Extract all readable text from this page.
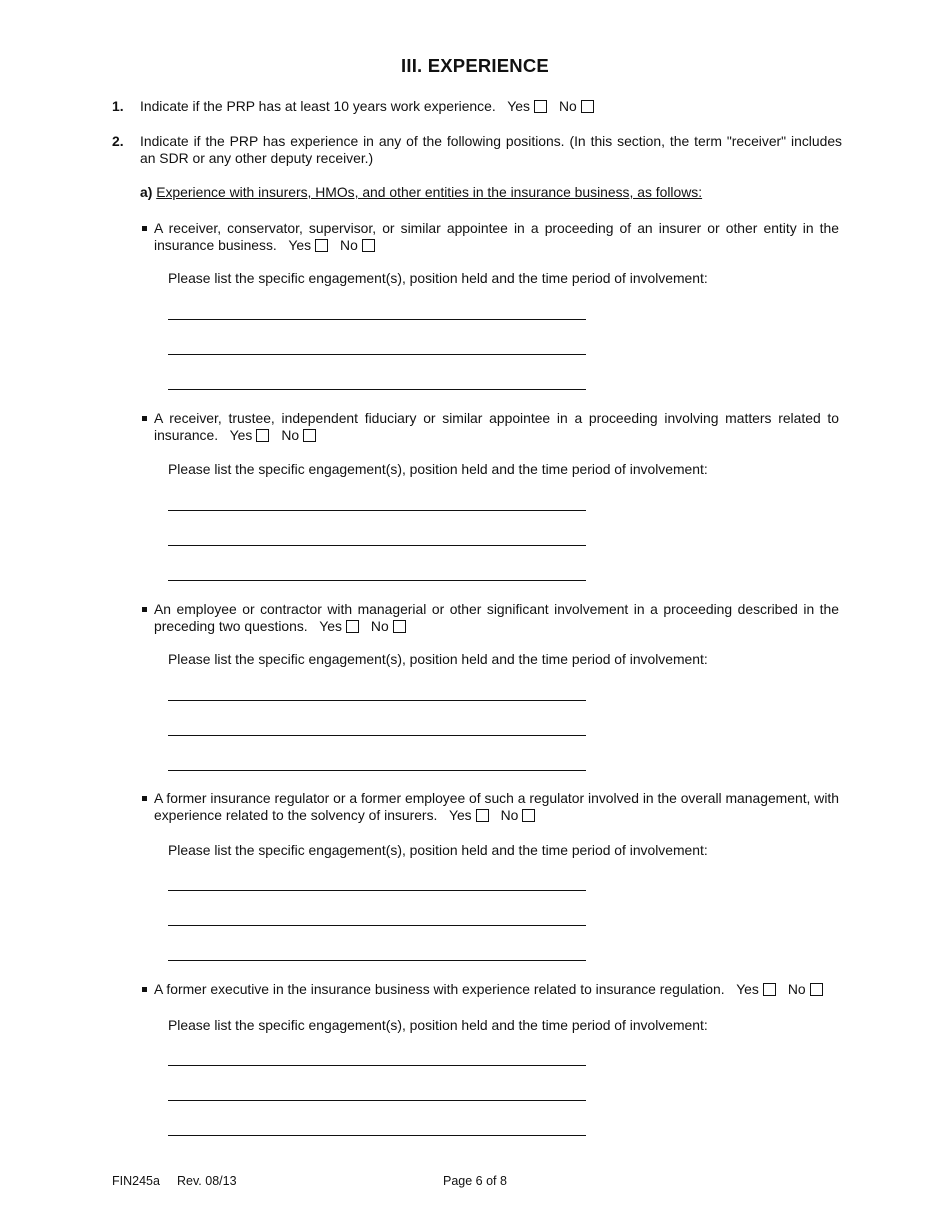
III. EXPERIENCE
1. Indicate if the PRP has at least 10 years work experience. Yes No
2. Indicate if the PRP has experience in any of the following positions. (In this section, the term "receiver" includes an SDR or any other deputy receiver.)
a) Experience with insurers, HMOs, and other entities in the insurance business, as follows:
A receiver, conservator, supervisor, or similar appointee in a proceeding of an insurer or other entity in the insurance business. Yes No
Please list the specific engagement(s), position held and the time period of involvement:
A receiver, trustee, independent fiduciary or similar appointee in a proceeding involving matters related to insurance. Yes No
Please list the specific engagement(s), position held and the time period of involvement:
An employee or contractor with managerial or other significant involvement in a proceeding described in the preceding two questions. Yes No
Please list the specific engagement(s), position held and the time period of involvement:
A former insurance regulator or a former employee of such a regulator involved in the overall management, with experience related to the solvency of insurers. Yes No
Please list the specific engagement(s), position held and the time period of involvement:
A former executive in the insurance business with experience related to insurance regulation. Yes No
Please list the specific engagement(s), position held and the time period of involvement:
FIN245a Rev. 08/13	Page 6 of 8
